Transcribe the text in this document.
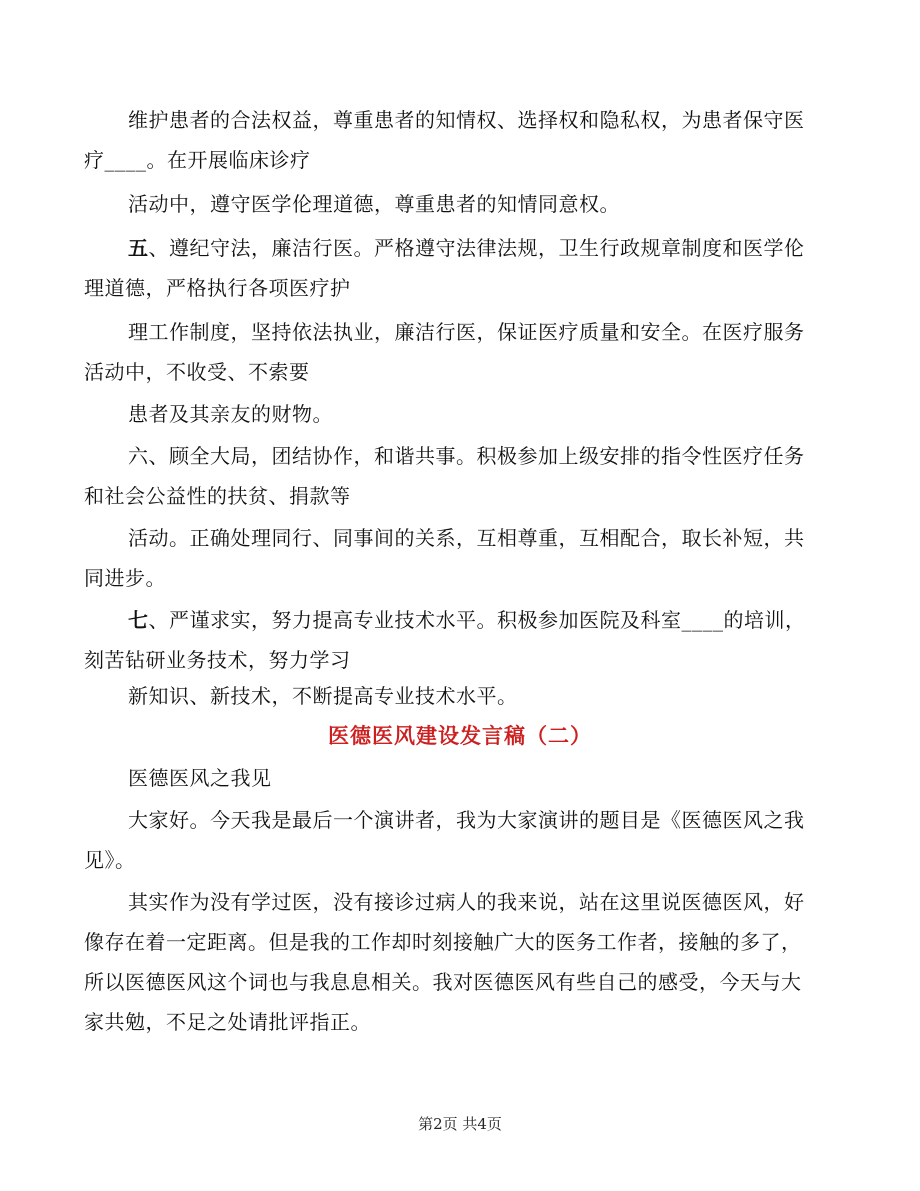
维护患者的合法权益，尊重患者的知情权、选择权和隐私权，为患者保守医
疗____。在开展临床诊疗

活动中，遵守医学伦理道德，尊重患者的知情同意权。

五、遵纪守法，廉洁行医。严格遵守法律法规，卫生行政规章制度和医学伦
理道德，严格执行各项医疗护

理工作制度，坚持依法执业，廉洁行医，保证医疗质量和安全。在医疗服务
活动中，不收受、不索要

患者及其亲友的财物。

六、顾全大局，团结协作，和谐共事。积极参加上级安排的指令性医疗任务
和社会公益性的扶贫、捐款等

活动。正确处理同行、同事间的关系，互相尊重，互相配合，取长补短，共
同进步。

七、严谨求实，努力提高专业技术水平。积极参加医院及科室____的培训，
刻苦钻研业务技术，努力学习

新知识、新技术，不断提高专业技术水平。

医德医风建设发言稿（二）

医德医风之我见

大家好。今天我是最后一个演讲者，我为大家演讲的题目是《医德医风之我
见》。

其实作为没有学过医，没有接诊过病人的我来说，站在这里说医德医风，好
像存在着一定距离。但是我的工作却时刻接触广大的医务工作者，接触的多了，
所以医德医风这个词也与我息息相关。我对医德医风有些自己的感受，今天与大
家共勉，不足之处请批评指正。

第2页 共4页
